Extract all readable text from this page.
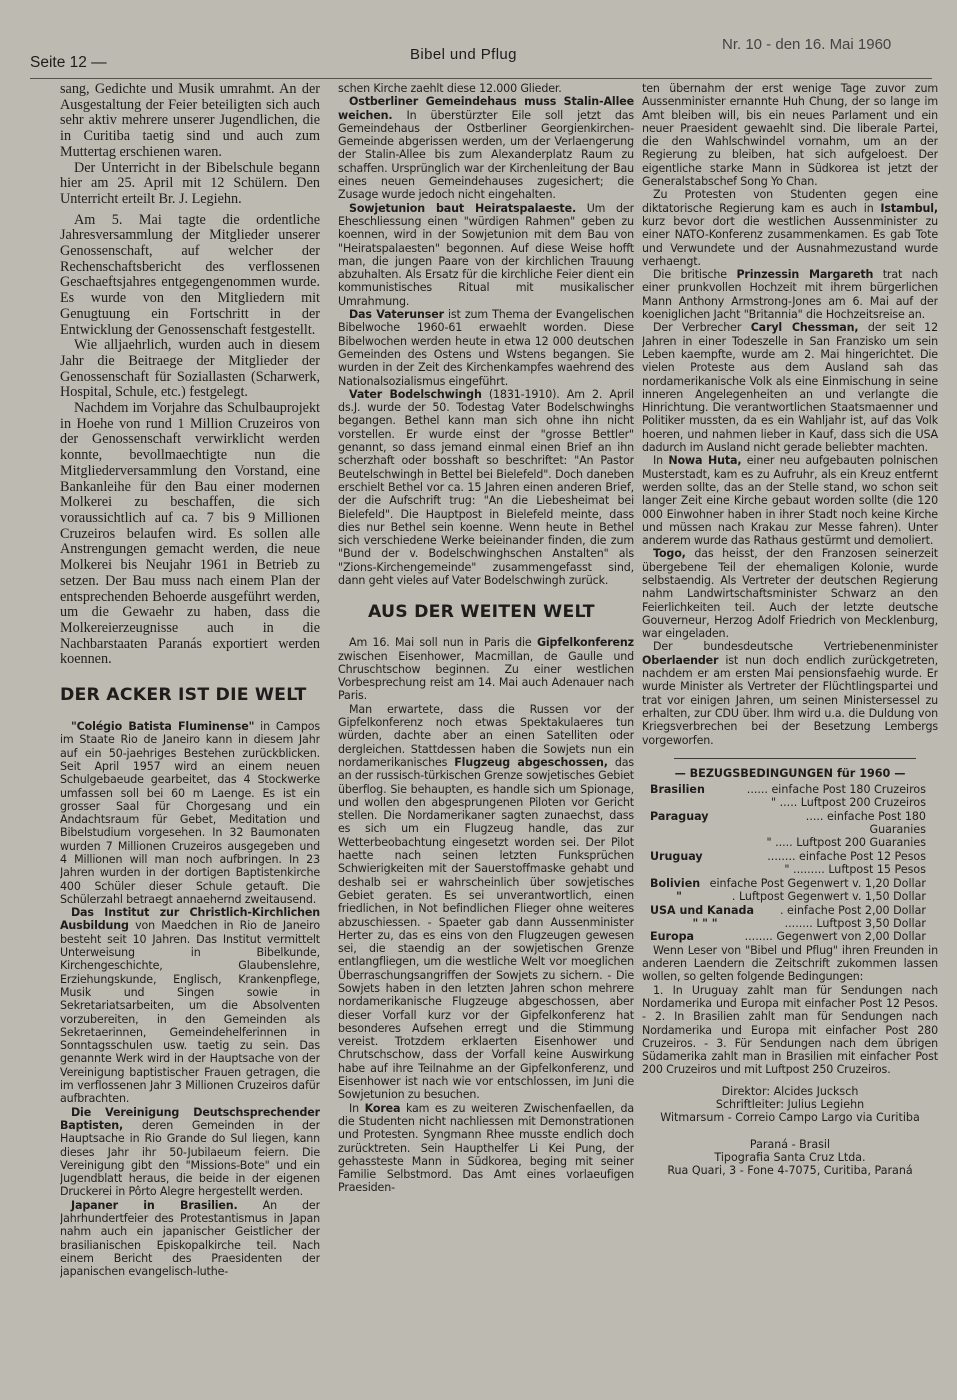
Seite 12 —	Bibel und Pflug
Nr. 10 - den 16. Mai 1960

sang, Gedichte und Musik umrahmt. An der Ausgestaltung der Feier beteiligten sich auch sehr aktiv mehrere unserer Jugendlichen, die in Curitiba taetig sind und auch zum Muttertag erschienen waren.

Der Unterricht in der Bibelschule begann hier am 25. April mit 12 Schülern. Den Unterricht erteilt Br. J. Legiehn.

Am 5. Mai tagte die ordentliche Jahresversammlung der Mitglieder unserer Genossenschaft, auf welcher der Rechenschaftsbericht des verflossenen Geschaeftsjahres entgegengenommen wurde. Es wurde von den Mitgliedern mit Genugtuung ein Fortschritt in der Entwicklung der Genossenschaft festgestellt.

Wie alljaehrlich, wurden auch in diesem Jahr die Beitraege der Mitglieder der Genossenschaft für Soziallasten (Scharwerk, Hospital, Schule, etc.) festgelegt.

Nachdem im Vorjahre das Schulbauprojekt in Hoehe von rund 1 Million Cruzeiros von der Genossenschaft verwirklicht werden konnte, bevollmaechtigte nun die Mitgliederversammlung den Vorstand, eine Bankanleihe für den Bau einer modernen Molkerei zu beschaffen, die sich voraussichtlich auf ca. 7 bis 9 Millionen Cruzeiros belaufen wird. Es sollen alle Anstrengungen gemacht werden, die neue Molkerei bis Neujahr 1961 in Betrieb zu setzen. Der Bau muss nach einem Plan der entsprechenden Behoerde ausgeführt werden, um die Gewaehr zu haben, dass die Molkereierzeugnisse auch in die Nachbarstaaten Paranás exportiert werden koennen.

DER ACKER IST DIE WELT

"Colégio Batista Fluminense" in Campos im Staate Rio de Janeiro kann in diesem Jahr auf ein 50-jaehriges Bestehen zurückblicken. Seit April 1957 wird an einem neuen Schulgebaeude gearbeitet, das 4 Stockwerke umfassen soll bei 60 m Laenge. Es ist ein grosser Saal für Chorgesang und ein Andachtsraum für Gebet, Meditation und Bibelstudium vorgesehen. In 32 Baumonaten wurden 7 Millionen Cruzeiros ausgegeben und 4 Millionen will man noch aufbringen. In 23 Jahren wurden in der dortigen Baptistenkirche 400 Schüler dieser Schule getauft. Die Schülerzahl betraegt annaehernd zweitausend.

Das Institut zur Christlich-Kirchlichen Ausbildung von Maedchen in Rio de Janeiro besteht seit 10 Jahren. Das Institut vermittelt Unterweisung in Bibelkunde, Kirchengeschichte, Glaubenslehre, Erziehungskunde, Englisch, Krankenpflege, Musik und Singen sowie in Sekretariatsarbeiten, um die Absolventen vorzubereiten, in den Gemeinden als Sekretaerinnen, Gemeindehelferinnen in Sonntagsschulen usw. taetig zu sein. Das genannte Werk wird in der Hauptsache von der Vereinigung baptistischer Frauen getragen, die im verflossenen Jahr 3 Millionen Cruzeiros dafür aufbrachten.

Die Vereinigung Deutschsprechender Baptisten, deren Gemeinden in der Hauptsache in Rio Grande do Sul liegen, kann dieses Jahr ihr 50-Jubilaeum feiern. Die Vereinigung gibt den "Missions-Bote" und ein Jugendblatt heraus, die beide in der eigenen Druckerei in Pôrto Alegre hergestellt werden.

Japaner in Brasilien. An der Jahrhundertfeier des Protestantismus in Japan nahm auch ein japanischer Geistlicher der brasilianischen Episkopalkirche teil. Nach einem Bericht des Praesidenten der japanischen evangelisch-luthe-

schen Kirche zaehlt diese 12.000 Glieder.

Ostberliner Gemeindehaus muss Stalin-Allee weichen. In überstürzter Eile soll jetzt das Gemeindehaus der Ostberliner Georgienkirchen-Gemeinde abgerissen werden, um der Verlaengerung der Stalin-Allee bis zum Alexanderplatz Raum zu schaffen. Ursprünglich war der Kirchenleitung der Bau eines neuen Gemeindehauses zugesichert; die Zusage wurde jedoch nicht eingehalten.

Sowjetunion baut Heiratspalaeste. Um der Eheschliessung einen "würdigen Rahmen" geben zu koennen, wird in der Sowjetunion mit dem Bau von "Heiratspalaesten" begonnen. Auf diese Weise hofft man, die jungen Paare von der kirchlichen Trauung abzuhalten. Als Ersatz für die kirchliche Feier dient ein kommunistisches Ritual mit musikalischer Umrahmung.

Das Vaterunser ist zum Thema der Evangelischen Bibelwoche 1960-61 erwaehlt worden. Diese Bibelwochen werden heute in etwa 12 000 deutschen Gemeinden des Ostens und Wstens begangen. Sie wurden in der Zeit des Kirchenkampfes waehrend des Nationalsozialismus eingeführt.

Vater Bodelschwingh (1831-1910). Am 2. April ds.J. wurde der 50. Todestag Vater Bodelschwinghs begangen. Bethel kann man sich ohne ihn nicht vorstellen. Er wurde einst der "grosse Bettler" genannt, so dass jemand einmal einen Brief an ihn scherzhaft oder bosshaft so beschriftet: "An Pastor Beutelschwingh in Bettel bei Bielefeld". Doch daneben erschielt Bethel vor ca. 15 Jahren einen anderen Brief, der die Aufschrift trug: "An die Liebesheimat bei Bielefeld". Die Hauptpost in Bielefeld meinte, dass dies nur Bethel sein koenne. Wenn heute in Bethel sich verschiedene Werke beieinander finden, die zum "Bund der v. Bodelschwinghschen Anstalten" als "Zions-Kirchengemeinde" zusammengefasst sind, dann geht vieles auf Vater Bodelschwingh zurück.

AUS DER WEITEN WELT

Am 16. Mai soll nun in Paris die Gipfelkonferenz zwischen Eisenhower, Macmillan, de Gaulle und Chruschtschow beginnen. Zu einer westlichen Vorbesprechung reist am 14. Mai auch Adenauer nach Paris.

Man erwartete, dass die Russen vor der Gipfelkonferenz noch etwas Spektakulaeres tun würden, dachte aber an einen Satelliten oder dergleichen. Stattdessen haben die Sowjets nun ein nordamerikanisches Flugzeug abgeschossen, das an der russisch-türkischen Grenze sowjetisches Gebiet überflog. Sie behaupten, es handle sich um Spionage, und wollen den abgesprungenen Piloten vor Gericht stellen. Die Nordamerikaner sagten zunaechst, dass es sich um ein Flugzeug handle, das zur Wetterbeobachtung eingesetzt worden sei. Der Pilot haette nach seinen letzten Funksprüchen Schwierigkeiten mit der Sauerstoffmaske gehabt und deshalb sei er wahrscheinlich über sowjetisches Gebiet geraten. Es sei unverantwortlich, einen friedlichen, in Not befindlichen Flieger ohne weiteres abzuschiessen. - Spaeter gab dann Aussenminister Herter zu, das es eins von den Flugzeugen gewesen sei, die staendig an der sowjetischen Grenze entlangfliegen, um die westliche Welt vor moeglichen Überraschungsangriffen der Sowjets zu sichern. - Die Sowjets haben in den letzten Jahren schon mehrere nordamerikanische Flugzeuge abgeschossen, aber dieser Vorfall kurz vor der Gipfelkonferenz hat besonderes Aufsehen erregt und die Stimmung vereist. Trotzdem erklaerten Eisenhower und Chrutschschow, dass der Vorfall keine Auswirkung habe auf ihre Teilnahme an der Gipfelkonferenz, und Eisenhower ist nach wie vor entschlossen, im Juni die Sowjetunion zu besuchen.

In Korea kam es zu weiteren Zwischenfaellen, da die Studenten nicht nachliessen mit Demonstrationen und Protesten. Syngmann Rhee musste endlich doch zurücktreten. Sein Haupthelfer Li Kei Pung, der gehassteste Mann in Südkorea, beging mit seiner Familie Selbstmord. Das Amt eines vorlaeufigen Praesiden-

ten übernahm der erst wenige Tage zuvor zum Aussenminister ernannte Huh Chung, der so lange im Amt bleiben will, bis ein neues Parlament und ein neuer Praesident gewaehlt sind. Die liberale Partei, die den Wahlschwindel vornahm, um an der Regierung zu bleiben, hat sich aufgeloest. Der eigentliche starke Mann in Südkorea ist jetzt der Generalstabschef Song Yo Chan.

Zu Protesten von Studenten gegen eine diktatorische Regierung kam es auch in Istambul, kurz bevor dort die westlichen Aussenminister zu einer NATO-Konferenz zusammenkamen. Es gab Tote und Verwundete und der Ausnahmezustand wurde verhaengt.

Die britische Prinzessin Margareth trat nach einer prunkvollen Hochzeit mit ihrem bürgerlichen Mann Anthony Armstrong-Jones am 6. Mai auf der koeniglichen Jacht "Britannia" die Hochzeitsreise an.

Der Verbrecher Caryl Chessman, der seit 12 Jahren in einer Todeszelle in San Franzisko um sein Leben kaempfte, wurde am 2. Mai hingerichtet. Die vielen Proteste aus dem Ausland sah das nordamerikanische Volk als eine Einmischung in seine inneren Angelegenheiten an und verlangte die Hinrichtung. Die verantwortlichen Staatsmaenner und Politiker mussten, da es ein Wahljahr ist, auf das Volk hoeren, und nahmen lieber in Kauf, dass sich die USA dadurch im Ausland nicht gerade beliebter machten.

In Nowa Huta, einer neu aufgebauten polnischen Musterstadt, kam es zu Aufruhr, als ein Kreuz entfernt werden sollte, das an der Stelle stand, wo schon seit langer Zeit eine Kirche gebaut worden sollte (die 120 000 Einwohner haben in ihrer Stadt noch keine Kirche und müssen nach Krakau zur Messe fahren). Unter anderem wurde das Rathaus gestürmt und demoliert.

Togo, das heisst, der den Franzosen seinerzeit übergebene Teil der ehemaligen Kolonie, wurde selbstaendig. Als Vertreter der deutschen Regierung nahm Landwirtschaftsminister Schwarz an den Feierlichkeiten teil. Auch der letzte deutsche Gouverneur, Herzog Adolf Friedrich von Mecklenburg, war eingeladen.

Der bundesdeutsche Vertriebenenminister Oberlaender ist nun doch endlich zurückgetreten, nachdem er am ersten Mai pensionsfaehig wurde. Er wurde Minister als Vertreter der Flüchtlingspartei und trat vor einigen Jahren, um seinen Ministersessel zu erhalten, zur CDU über. Ihm wird u.a. die Duldung von Kriegsverbrechen bei der Besetzung Lembergs vorgeworfen.

— BEZUGSBEDINGUNGEN für 1960 —
Brasilien	...... einfache Post 180 Cruzeiros
" ..... Luftpost 200 Cruzeiros
Paraguay	..... einfache Post 180 Guaranies
" ..... Luftpost 200 Guaranies
Uruguay	........ einfache Post 12 Pesos
" ......... Luftpost 15 Pesos
Bolivien einfache Post Gegenwert v. 1,20 Dollar
"	. Luftpost Gegenwert v. 1,50 Dollar
USA und Kanada	. einfache Post 2,00 Dollar
" " "	........ Luftpost 3,50 Dollar
Europa	........ Gegenwert von 2,00 Dollar

Wenn Leser von "Bibel und Pflug" ihren Freunden in anderen Laendern die Zeitschrift zukommen lassen wollen, so gelten folgende Bedingungen:

1. In Uruguay zahlt man für Sendungen nach Nordamerika und Europa mit einfacher Post 12 Pesos. - 2. In Brasilien zahlt man für Sendungen nach Nordamerika und Europa mit einfacher Post 280 Cruzeiros. - 3. Für Sendungen nach dem übrigen Südamerika zahlt man in Brasilien mit einfacher Post 200 Cruzeiros und mit Luftpost 250 Cruzeiros.

Direktor: Alcides Jucksch
Schriftleiter: Julius Legiehn
Witmarsum - Correio Campo Largo via Curitiba
Paraná - Brasil
Tipografia Santa Cruz Ltda.
Rua Quari, 3 - Fone 4-7075, Curitiba, Paraná
